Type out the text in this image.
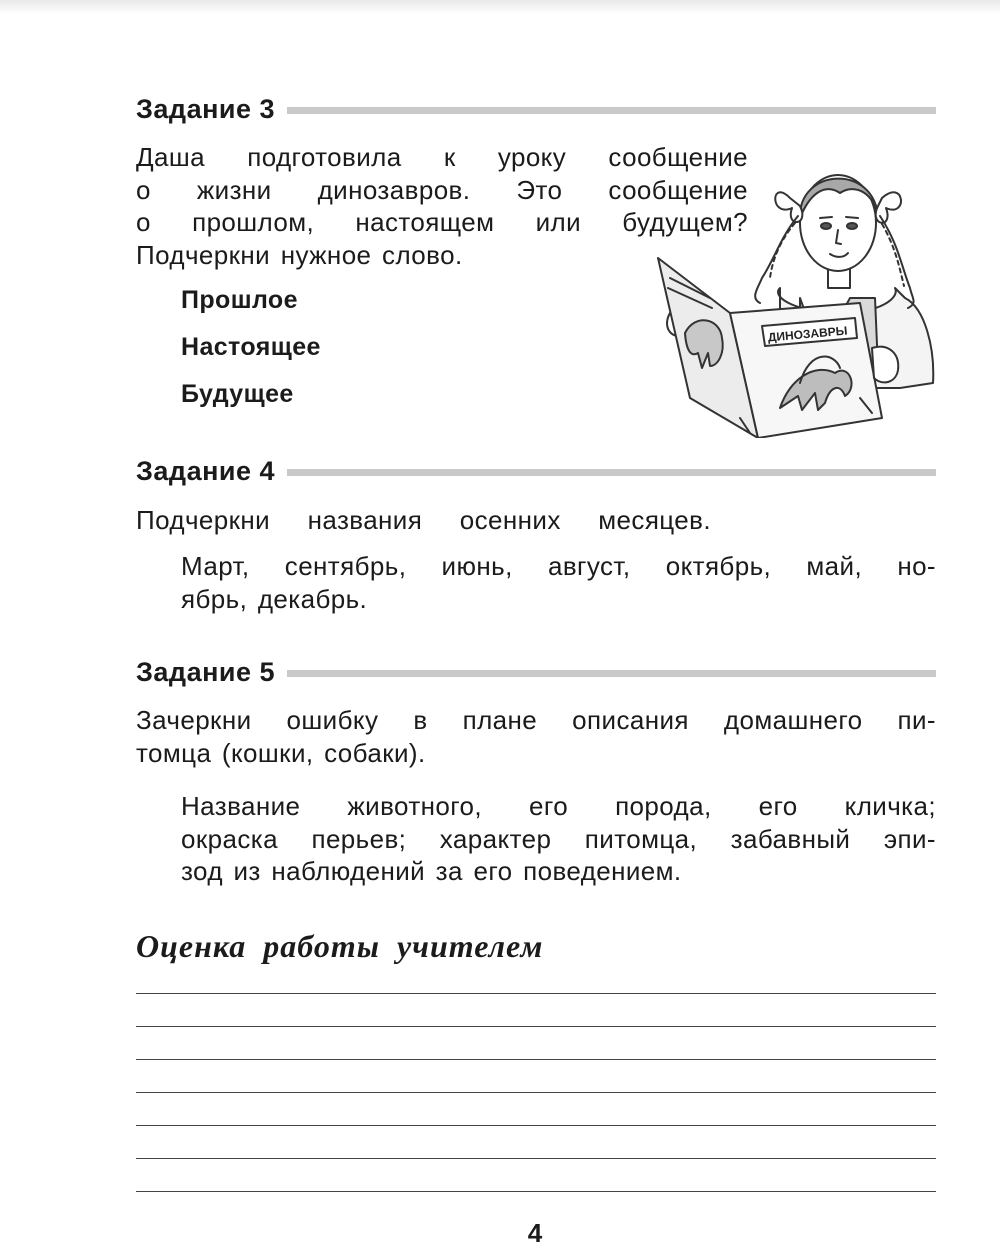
Задание 3
Даша подготовила к уроку сообщение
о жизни динозавров. Это сообщение
о прошлом, настоящем или будущем?
Подчеркни нужное слово.
Прошлое
Настоящее
Будущее
ДИНОЗАВРЫ
Задание 4
Подчеркни названия осенних месяцев.
Март, сентябрь, июнь, август, октябрь, май, но-
ябрь, декабрь.
Задание 5
Зачеркни ошибку в плане описания домашнего пи-
томца (кошки, собаки).
Название животного, его порода, его кличка;
окраска перьев; характер питомца, забавный эпи-
зод из наблюдений за его поведением.
Оценка работы учителем
4
